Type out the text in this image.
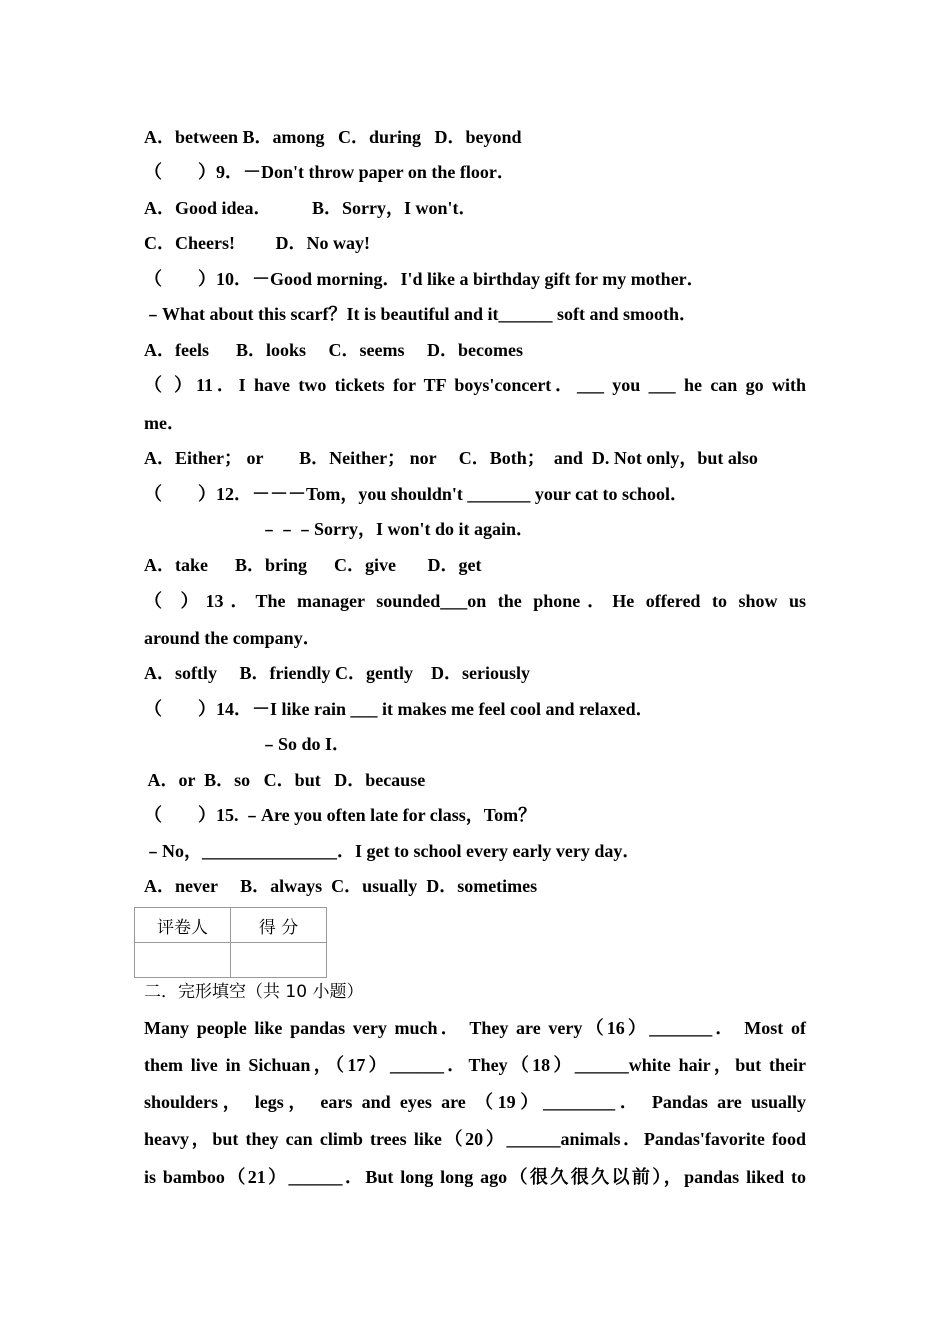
A．between B．among   C．during   D．beyond
（        ）9．－Don't throw paper on the floor．
A．Good idea．         B．Sorry，I won't．
C．Cheers!         D．No way!
（        ）10．－Good morning．I'd like a birthday gift for my mother．
﹣What about this scarf？It is beautiful and it______ soft and smooth．
A．feels      B．looks     C．seems     D．becomes
（ ）11．I have two tickets for TF boys'concert．___ you ___ he can go with
me．
A．Either； or        B．Neither； nor     C．Both；  and  D. Not only，but also
（        ）12．－－－Tom，you shouldn't _______ your cat to school．
﹣﹣﹣Sorry，I won't do it again．
A．take      B．bring      C．give       D．get
（ ）13．The manager sounded___on the phone．He offered to show us
around the company．
A．softly     B．friendly C．gently    D．seriously
（        ）14．－I like rain ___ it makes me feel cool and relaxed．
﹣So do I．
A．or  B．so   C．but   D．because
（        ）15. ﹣Are you often late for class，Tom？
﹣No，_______________．I get to school every early very day．
A．never     B．always  C．usually  D．sometimes
评卷人	得 分

二．完形填空（共 10 小题）
Many people like pandas very much． They are very（16）_______． Most of
them live in Sichuan，（17）______．They（18）______white hair，but their
shoulders， legs， ears and eyes are （19）________． Pandas are usually
heavy，but they can climb trees like（20）______animals．Pandas'favorite food
is bamboo（21）______．But long long ago（很久很久以前），pandas liked to
